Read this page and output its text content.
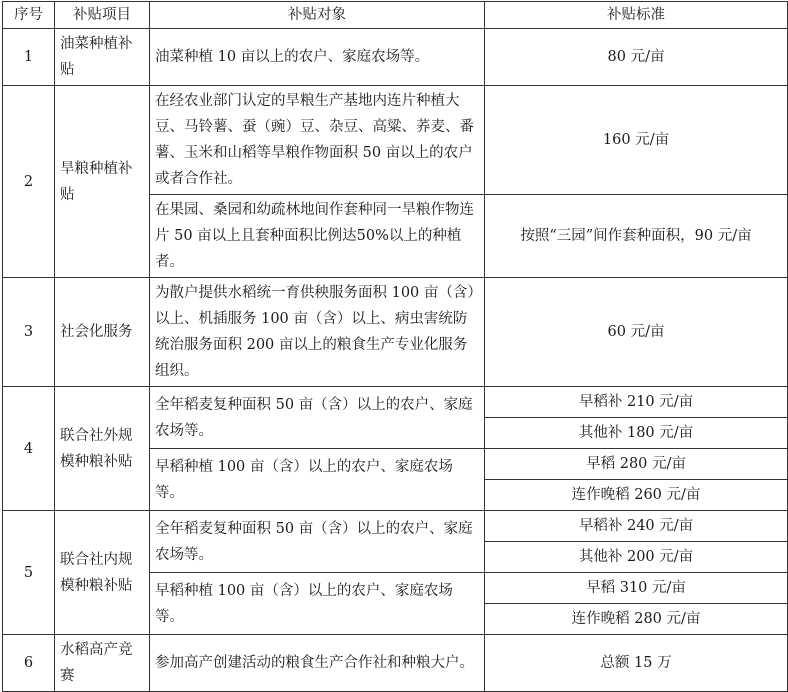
序号	补贴项目	补贴对象	补贴标准
1	油菜种植补贴	油菜种植 10 亩以上的农户、家庭农场等。	80 元/亩
2	旱粮种植补贴	在经农业部门认定的旱粮生产基地内连片种植大豆、马铃薯、蚕（豌）豆、杂豆、高粱、荞麦、番薯、玉米和山稻等旱粮作物面积 50 亩以上的农户或者合作社。	160 元/亩
		在果园、桑园和幼疏林地间作套种同一旱粮作物连片 50 亩以上且套种面积比例达50%以上的种植者。	按照“三园”间作套种面积，90 元/亩
3	社会化服务	为散户提供水稻统一育供秧服务面积 100 亩（含）以上、机插服务 100 亩（含）以上、病虫害统防统治服务面积 200 亩以上的粮食生产专业化服务组织。	60 元/亩
4	联合社外规模种粮补贴	全年稻麦复种面积 50 亩（含）以上的农户、家庭农场等。	早稻补 210 元/亩
			其他补 180 元/亩
		早稻种植 100 亩（含）以上的农户、家庭农场等。	早稻 280 元/亩
			连作晚稻 260 元/亩
5	联合社内规模种粮补贴	全年稻麦复种面积 50 亩（含）以上的农户、家庭农场等。	早稻补 240 元/亩
			其他补 200 元/亩
		早稻种植 100 亩（含）以上的农户、家庭农场等。	早稻 310 元/亩
			连作晚稻 280 元/亩
6	水稻高产竞赛	参加高产创建活动的粮食生产合作社和种粮大户。	总额 15 万
